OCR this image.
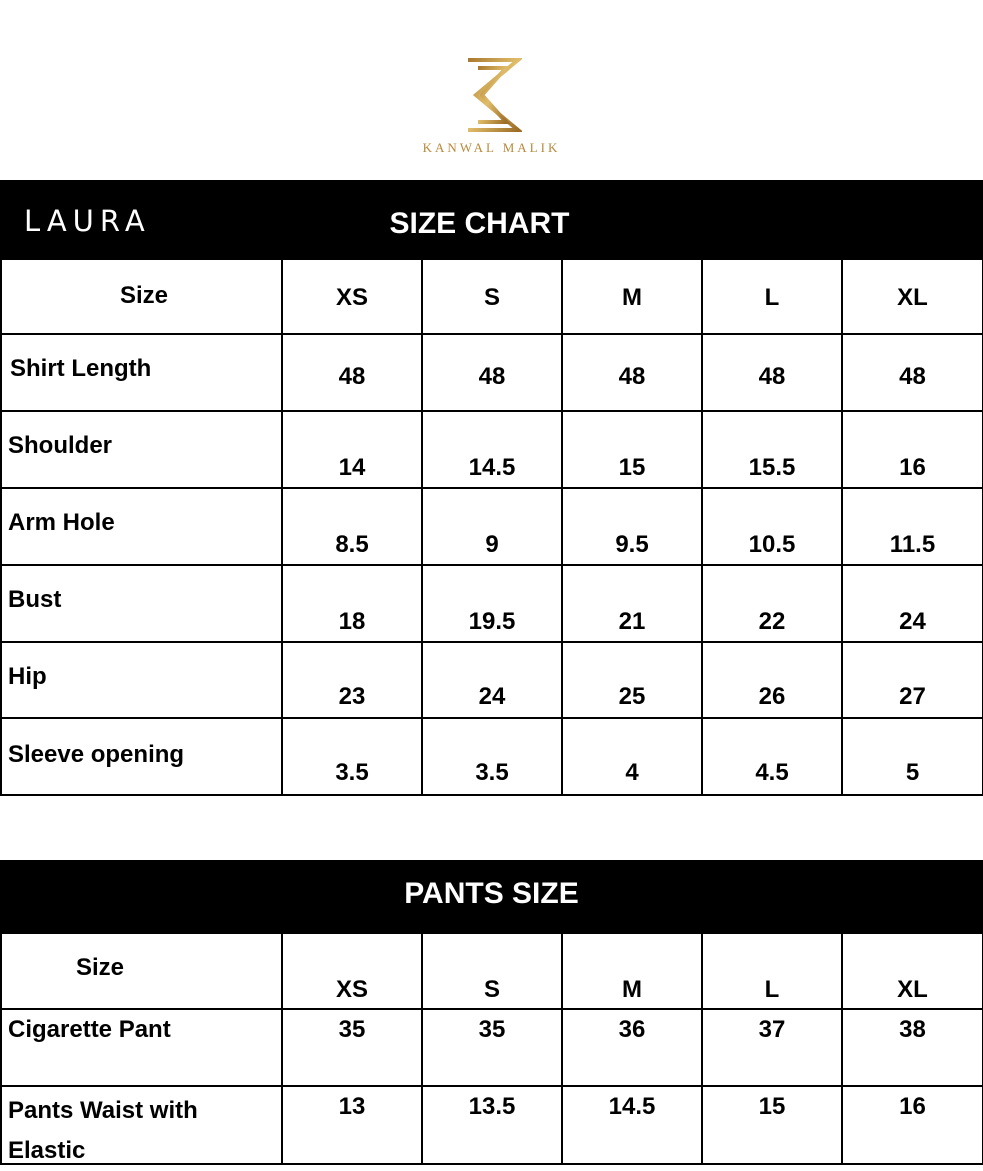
KANWAL MALIK
LAURA	SIZE CHART
Size	XS	S	M	L	XL

Shirt Length	48	48	48	48	48

Shoulder	14	14.5	15	15.5	16

Arm Hole	8.5	9	9.5	10.5	11.5

Bust	18	19.5	21	22	24

Hip	23	24	25	26	27

Sleeve opening	3.5	3.5	4	4.5	5
PANTS SIZE
Size	XS	S	M	L	XL

Cigarette Pant	35	35	36	37	38

Pants Waist with Elastic	13	13.5	14.5	15	16
